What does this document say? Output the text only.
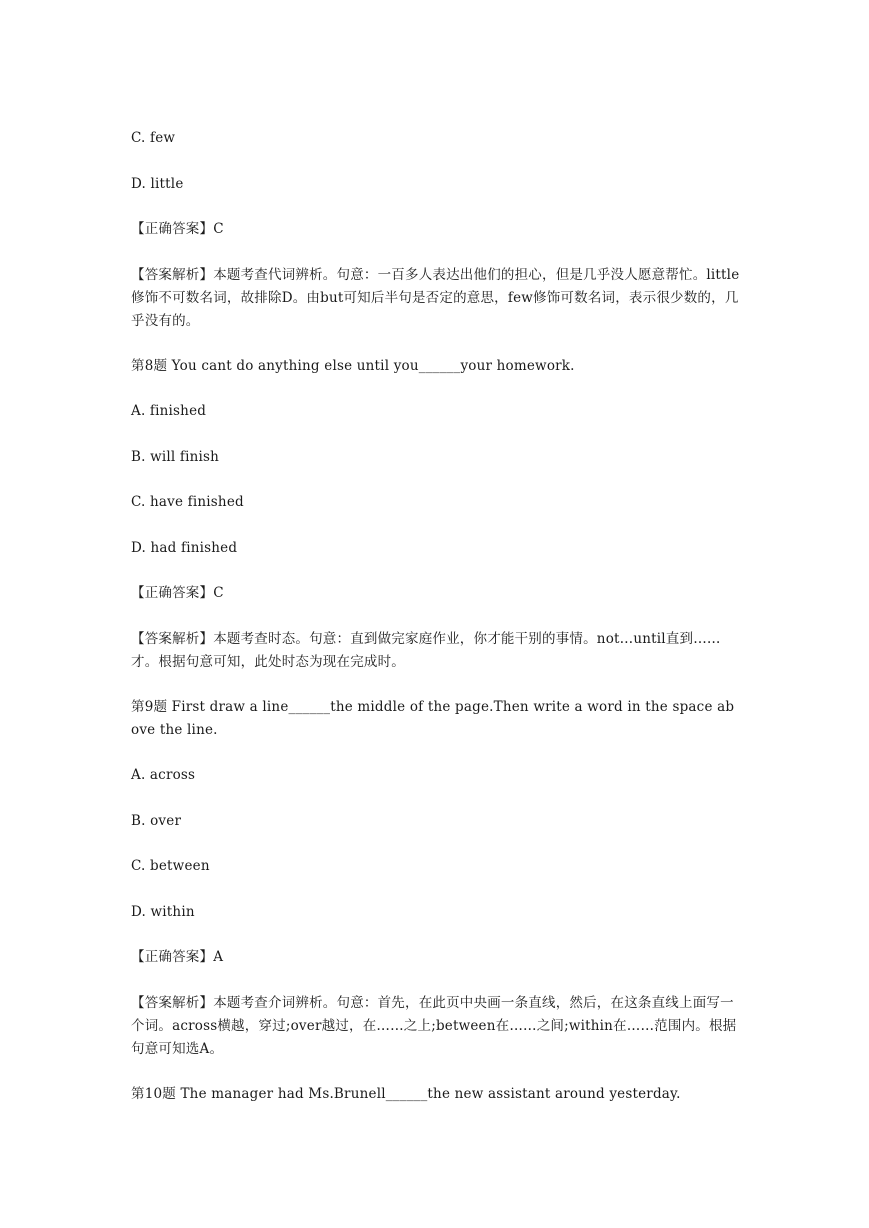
C. few
D. little
【正确答案】C
【答案解析】本题考查代词辨析。句意：一百多人表达出他们的担心，但是几乎没人愿意帮忙。little修饰不可数名词，故排除D。由but可知后半句是否定的意思，few修饰可数名词，表示很少数的，几乎没有的。
第8题 You cant do anything else until you______your homework.
A. finished
B. will finish
C. have finished
D. had finished
【正确答案】C
【答案解析】本题考查时态。句意：直到做完家庭作业，你才能干别的事情。not…until直到……才。根据句意可知，此处时态为现在完成时。
第9题 First draw a line______the middle of the page.Then write a word in the space above the line.
A. across
B. over
C. between
D. within
【正确答案】A
【答案解析】本题考查介词辨析。句意：首先，在此页中央画一条直线，然后，在这条直线上面写一个词。across横越，穿过;over越过，在……之上;between在……之间;within在……范围内。根据句意可知选A。
第10题 The manager had Ms.Brunell______the new assistant around yesterday.
